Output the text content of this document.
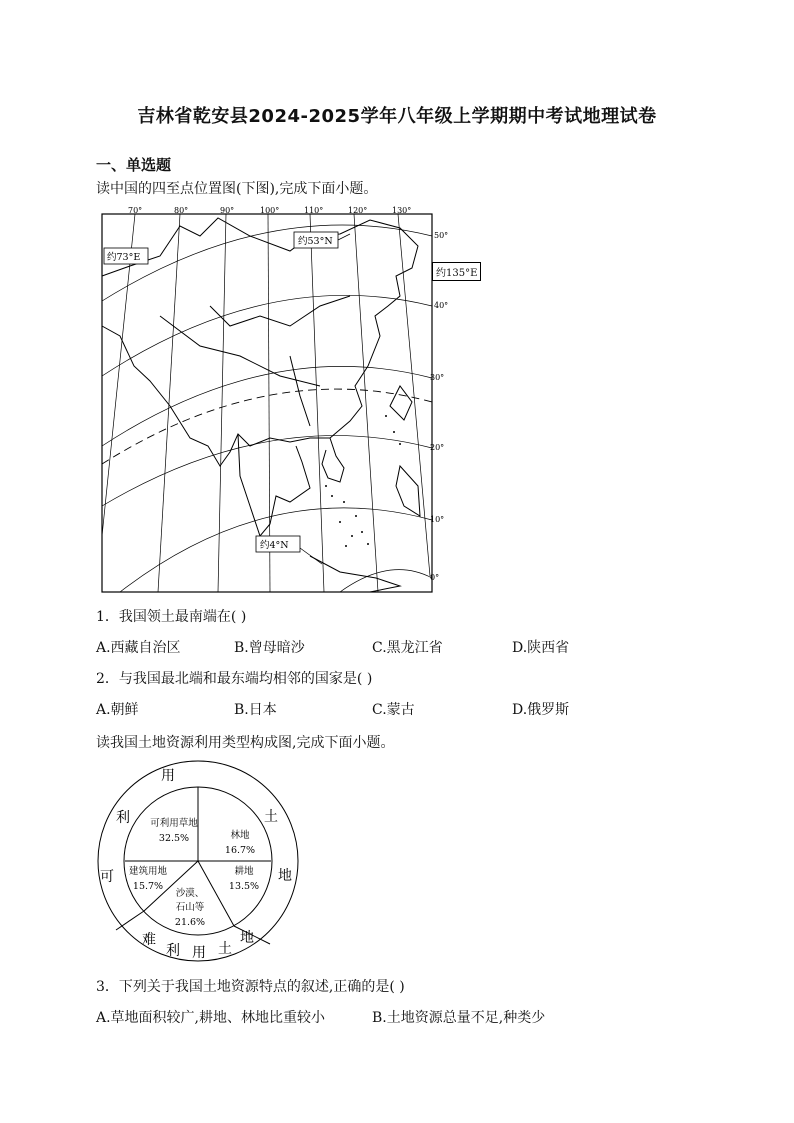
吉林省乾安县2024-2025学年八年级上学期期中考试地理试卷
一、单选题
读中国的四至点位置图(下图),完成下面小题。
70°	80°	90°	100°	110°	120°	130°
50°
40°
30°
20°
10°
0°
约73°E
约53°N
约4°N
约135°E
1．我国领土最南端在( )
A.西藏自治区	B.曾母暗沙	C.黑龙江省	D.陕西省
2．与我国最北端和最东端均相邻的国家是( )
A.朝鲜	B.日本	C.蒙古	D.俄罗斯
读我国土地资源利用类型构成图,完成下面小题。
用
土
地
地
土
用
利
难
可
利 可利用草地
32.5%	林地
16.7%
耕地
13.5%
沙漠、
石山等
21.6%
建筑用地
15.7%
3．下列关于我国土地资源特点的叙述,正确的是( )
A.草地面积较广,耕地、林地比重较小	B.土地资源总量不足,种类少
